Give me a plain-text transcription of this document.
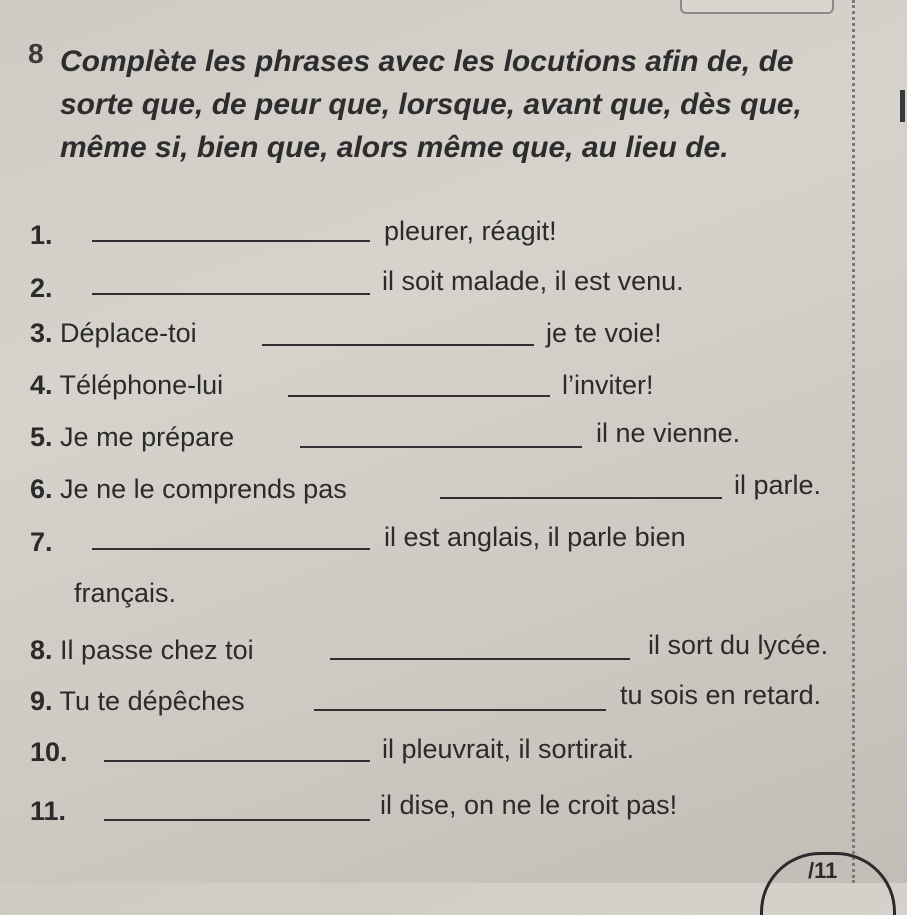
8 Complète les phrases avec les locutions afin de, de sorte que, de peur que, lorsque, avant que, dès que, même si, bien que, alors même que, au lieu de.
1.	pleurer, réagit!
2.	il soit malade, il est venu.
3. Déplace-toi	je te voie!
4. Téléphone-lui	l’inviter!
5. Je me prépare	il ne vienne.
6. Je ne le comprends pas	il parle.
7.	il est anglais, il parle bien
français.
8. Il passe chez toi	il sort du lycée.
9. Tu te dépêches	tu sois en retard.
10.	il pleuvrait, il sortirait.
11.	il dise, on ne le croit pas!
/11
